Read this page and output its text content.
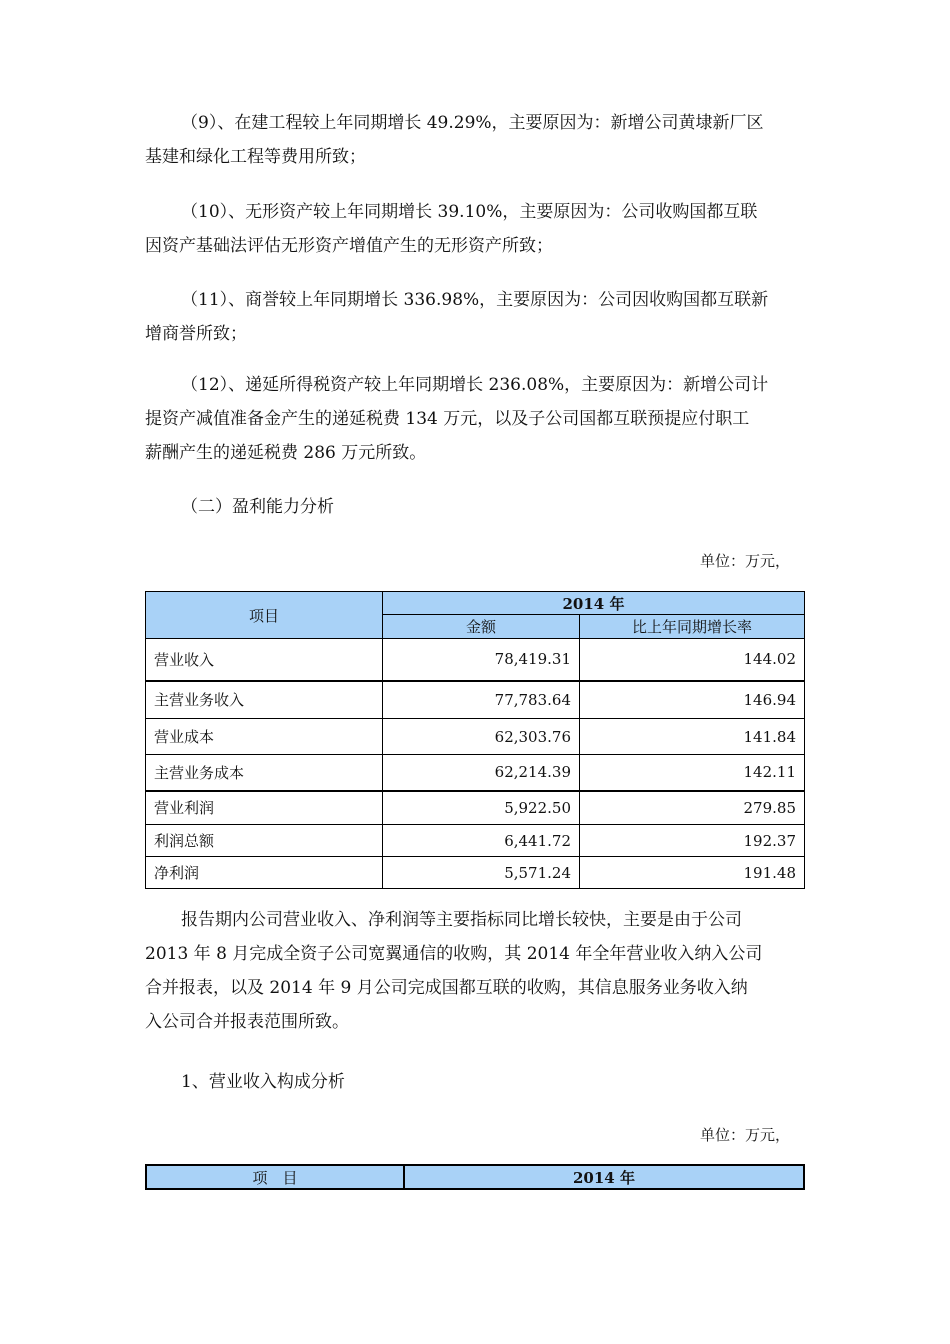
（9）、在建工程较上年同期增长 49.29%，主要原因为：新增公司黄埭新厂区
基建和绿化工程等费用所致；

（10）、无形资产较上年同期增长 39.10%，主要原因为：公司收购国都互联
因资产基础法评估无形资产增值产生的无形资产所致；

（11）、商誉较上年同期增长 336.98%，主要原因为：公司因收购国都互联新
增商誉所致；

（12）、递延所得税资产较上年同期增长 236.08%，主要原因为：新增公司计
提资产减值准备金产生的递延税费 134 万元，以及子公司国都互联预提应付职工
薪酬产生的递延税费 286 万元所致。

（二）盈利能力分析

单位：万元，
项目	2014 年	
	金额	比上年同期增长率
营业收入	78,419.31	144.02
主营业务收入	77,783.64	146.94
营业成本	62,303.76	141.84
主营业务成本	62,214.39	142.11
营业利润	5,922.50	279.85
利润总额	6,441.72	192.37
净利润	5,571.24	191.48

报告期内公司营业收入、净利润等主要指标同比增长较快，主要是由于公司
2013 年 8 月完成全资子公司宽翼通信的收购，其 2014 年全年营业收入纳入公司
合并报表，以及 2014 年 9 月公司完成国都互联的收购，其信息服务业务收入纳
入公司合并报表范围所致。

1、营业收入构成分析

单位：万元，
项　目	2014 年
